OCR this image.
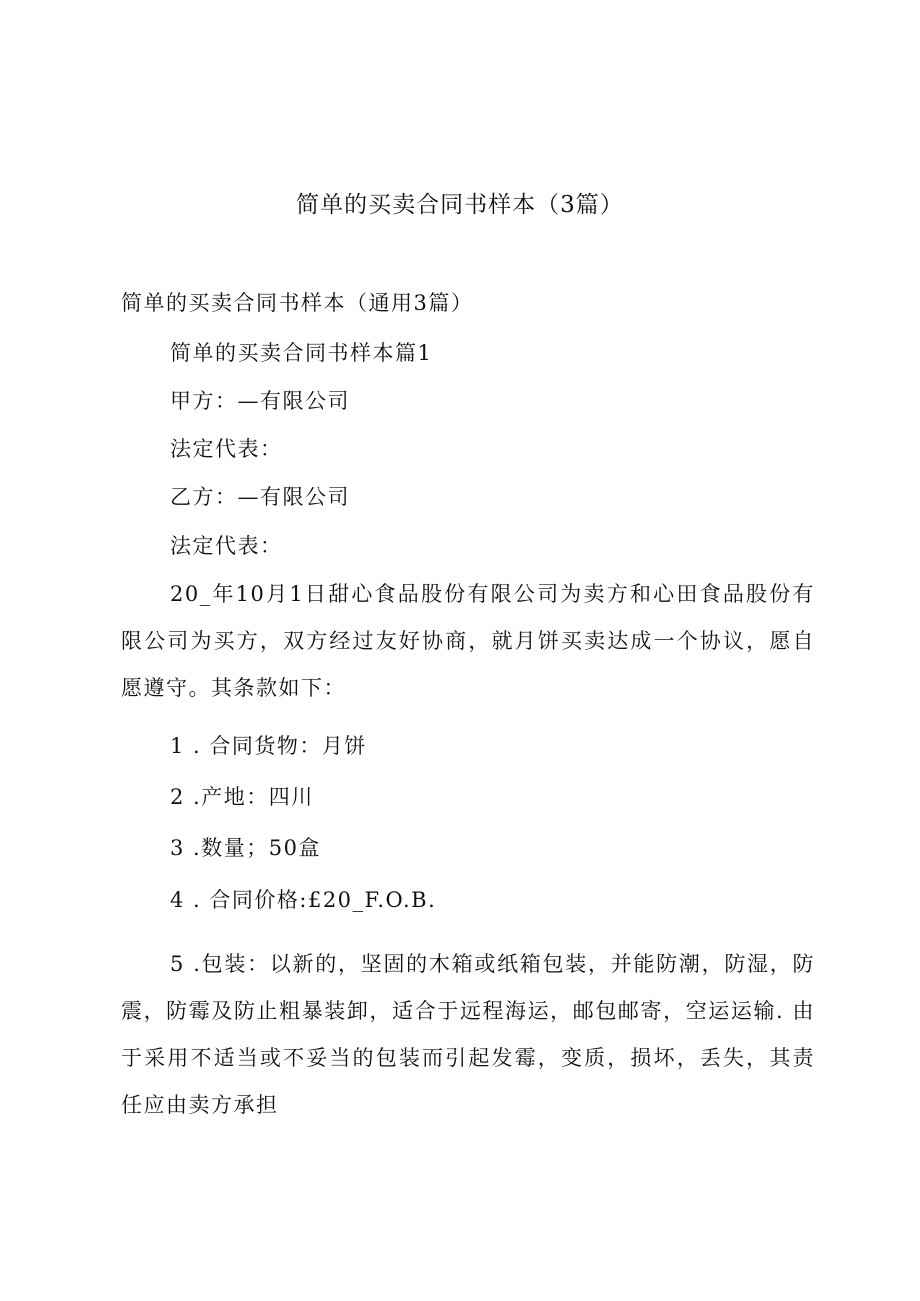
简单的买卖合同书样本（3篇）

简单的买卖合同书样本（通用3篇）

简单的买卖合同书样本篇1

甲方：—有限公司

法定代表：

乙方：—有限公司

法定代表：

20_年10月1日甜心食品股份有限公司为卖方和心田食品股份有限公司为买方，双方经过友好协商，就月饼买卖达成一个协议，愿自愿遵守。其条款如下：

1 . 合同货物：月饼

2 .产地：四川

3 .数量；50盒

4 . 合同价格:£20_F.O.B.

5 .包装：以新的，坚固的木箱或纸箱包装，并能防潮，防湿，防震，防霉及防止粗暴装卸，适合于远程海运，邮包邮寄，空运运输. 由于采用不适当或不妥当的包装而引起发霉，变质，损坏，丢失，其责任应由卖方承担
